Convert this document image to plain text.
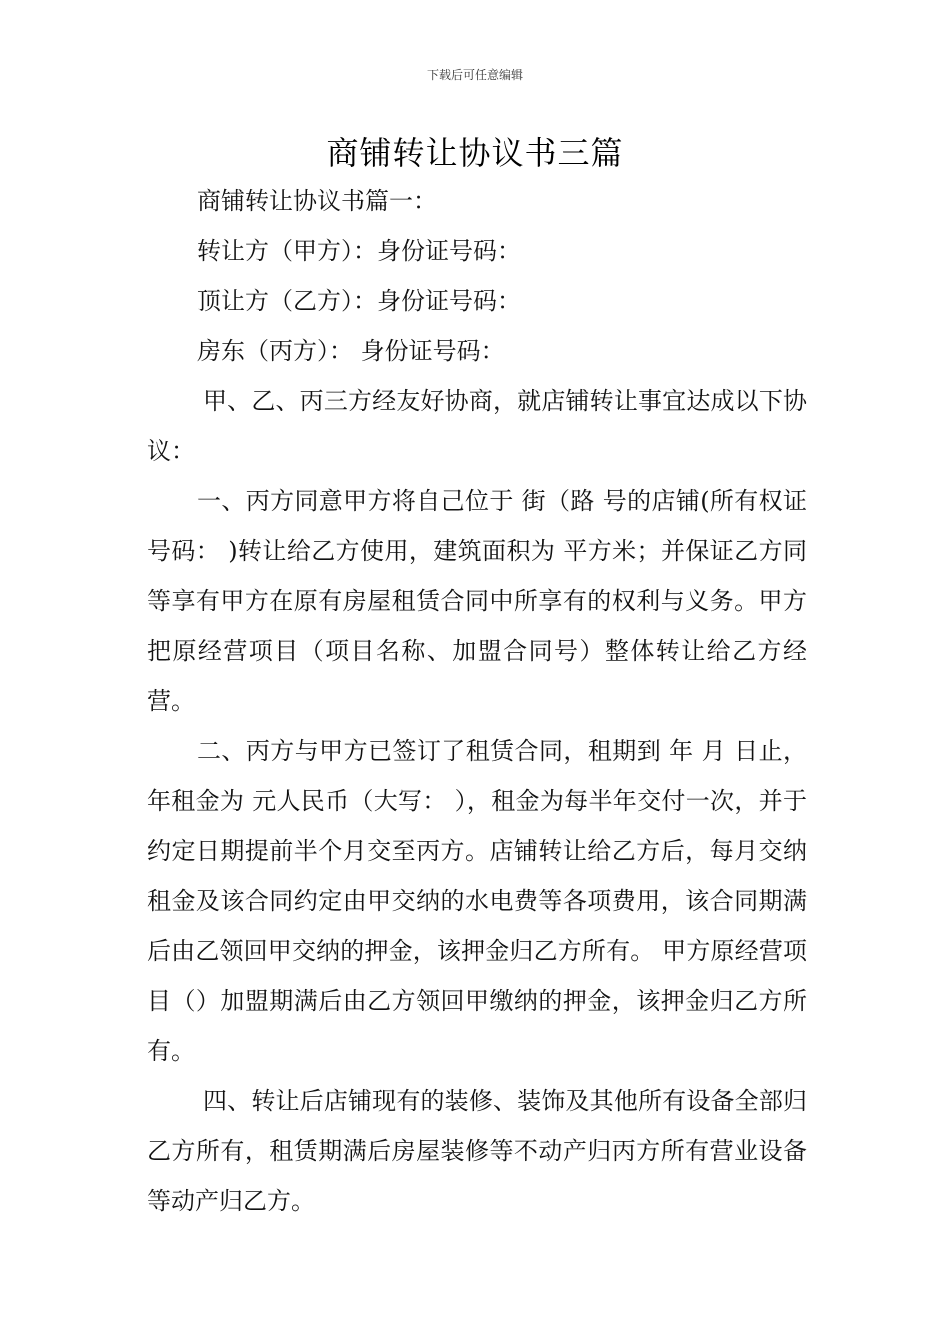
下载后可任意编辑
商铺转让协议书三篇
商铺转让协议书篇一：
转让方（甲方）：身份证号码：
顶让方（乙方）：身份证号码：
房东（丙方）： 身份证号码：

甲、乙、丙三方经友好协商，就店铺转让事宜达成以下协议：

一、丙方同意甲方将自己位于 街（路 号的店铺(所有权证号码： )转让给乙方使用，建筑面积为 平方米；并保证乙方同等享有甲方在原有房屋租赁合同中所享有的权利与义务。甲方把原经营项目（项目名称、加盟合同号）整体转让给乙方经营。

二、丙方与甲方已签订了租赁合同，租期到 年 月 日止，年租金为 元人民币（大写： ），租金为每半年交付一次，并于约定日期提前半个月交至丙方。店铺转让给乙方后，每月交纳租金及该合同约定由甲交纳的水电费等各项费用，该合同期满后由乙领回甲交纳的押金，该押金归乙方所有。 甲方原经营项目（）加盟期满后由乙方领回甲缴纳的押金，该押金归乙方所有。

四、转让后店铺现有的装修、装饰及其他所有设备全部归乙方所有，租赁期满后房屋装修等不动产归丙方所有营业设备等动产归乙方。
